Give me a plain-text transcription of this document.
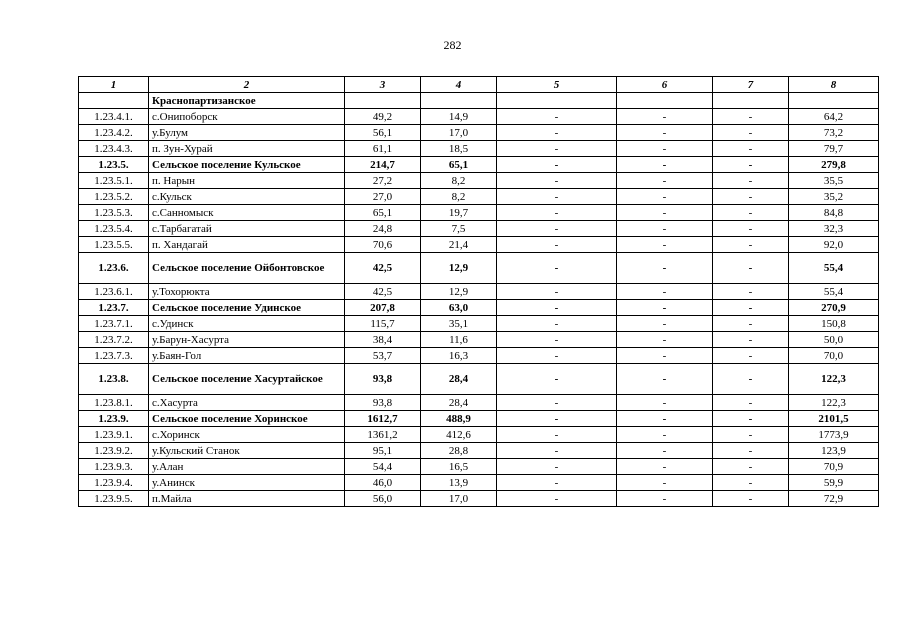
282
1	2	3	4	5	6	7	8
	Краснопартизанское						
1.23.4.1.	с.Онипоборск	49,2	14,9	-	-	-	64,2
1.23.4.2.	у.Булум	56,1	17,0	-	-	-	73,2
1.23.4.3.	п. Зун-Хурай	61,1	18,5	-	-	-	79,7
1.23.5.	Сельское поселение Кульское	214,7	65,1	-	-	-	279,8
1.23.5.1.	п. Нарын	27,2	8,2	-	-	-	35,5
1.23.5.2.	с.Кульск	27,0	8,2	-	-	-	35,2
1.23.5.3.	с.Санномыск	65,1	19,7	-	-	-	84,8
1.23.5.4.	с.Тарбагатай	24,8	7,5	-	-	-	32,3
1.23.5.5.	п. Хандагай	70,6	21,4	-	-	-	92,0
1.23.6.	Сельское поселение Ойбонтовское	42,5	12,9	-	-	-	55,4
1.23.6.1.	у.Тохорюкта	42,5	12,9	-	-	-	55,4
1.23.7.	Сельское поселение Удинское	207,8	63,0	-	-	-	270,9
1.23.7.1.	с.Удинск	115,7	35,1	-	-	-	150,8
1.23.7.2.	у.Барун-Хасурта	38,4	11,6	-	-	-	50,0
1.23.7.3.	у.Баян-Гол	53,7	16,3	-	-	-	70,0
1.23.8.	Сельское поселение Хасуртайское	93,8	28,4	-	-	-	122,3
1.23.8.1.	с.Хасурта	93,8	28,4	-	-	-	122,3
1.23.9.	Сельское поселение Хоринское	1612,7	488,9	-	-	-	2101,5
1.23.9.1.	с.Хоринск	1361,2	412,6	-	-	-	1773,9
1.23.9.2.	у.Кульский Станок	95,1	28,8	-	-	-	123,9
1.23.9.3.	у.Алан	54,4	16,5	-	-	-	70,9
1.23.9.4.	у.Анинск	46,0	13,9	-	-	-	59,9
1.23.9.5.	п.Майла	56,0	17,0	-	-	-	72,9
